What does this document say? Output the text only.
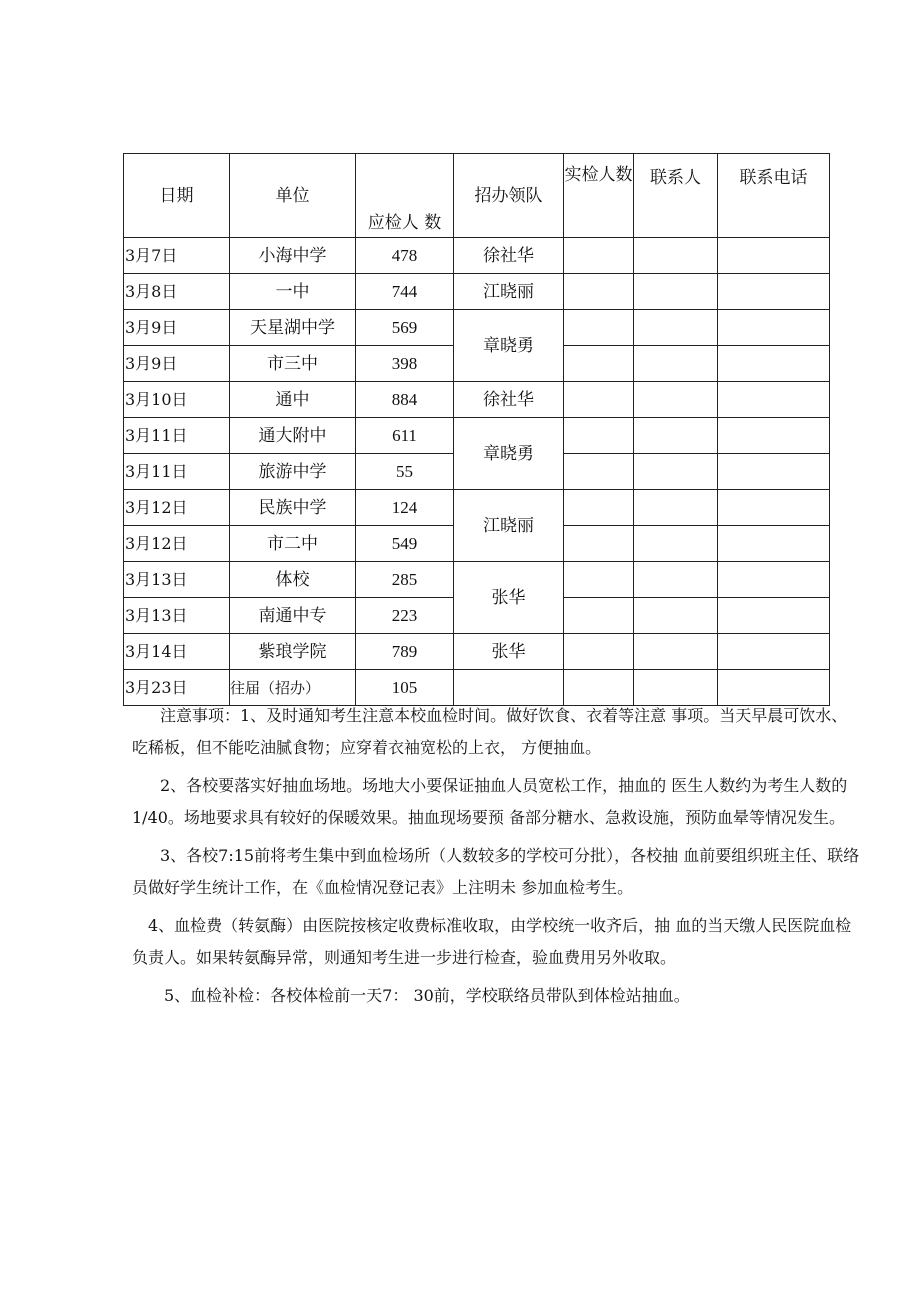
日期	单位	应检人 数	招办领队	实检人数	联系人	联系电话
3月7日	小海中学	478	徐社华			
3月8日	一中	744	江晓丽			
3月9日	天星湖中学	569	章晓勇			
3月9日	市三中	398				
3月10日	通中	884	徐社华			
3月11日	通大附中	611	章晓勇			
3月11日	旅游中学	55				
3月12日	民族中学	124	江晓丽			
3月12日	市二中	549				
3月13日	体校	285	张华			
3月13日	南通中专	223				
3月14日	紫琅学院	789	张华			
3月23日	往届（招办）	105				

注意事项：1、及时通知考生注意本校血检时间。做好饮食、衣着等注意 事项。当天早晨可饮水、吃稀板，但不能吃油腻食物；应穿着衣袖宽松的上衣， 方便抽血。

2、各校要落实好抽血场地。场地大小要保证抽血人员宽松工作，抽血的 医生人数约为考生人数的1/40。场地要求具有较好的保暖效果。抽血现场要预 备部分糖水、急救设施，预防血晕等情况发生。

3、各校7:15前将考生集中到血检场所（人数较多的学校可分批），各校抽 血前要组织班主任、联络员做好学生统计工作，在《血检情况登记表》上注明未 参加血检考生。

4、血检费（转氨酶）由医院按核定收费标准收取，由学校统一收齐后，抽 血的当天缴人民医院血检负责人。如果转氨酶异常，则通知考生进一步进行检查，验血费用另外收取。

5、血检补检：各校体检前一天7： 30前，学校联络员带队到体检站抽血。
